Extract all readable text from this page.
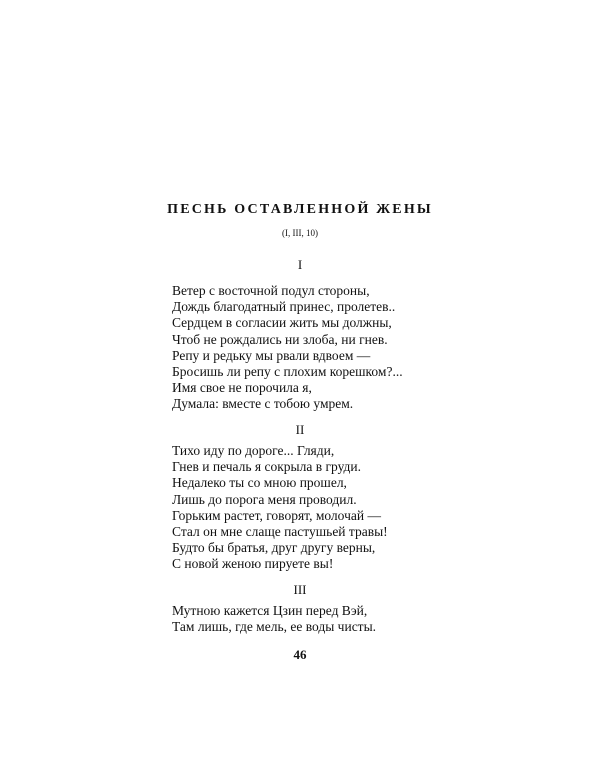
ПЕСНЬ ОСТАВЛЕННОЙ ЖЕНЫ
(I, III, 10)
I
Ветер с восточной подул стороны,
Дождь благодатный принес, пролетев..
Сердцем в согласии жить мы должны,
Чтоб не рождались ни злоба, ни гнев.
Репу и редьку мы рвали вдвоем —
Бросишь ли репу с плохим корешком?...
Имя свое не порочила я,
Думала: вместе с тобою умрем.
II
Тихо иду по дороге... Гляди,
Гнев и печаль я сокрыла в груди.
Недалеко ты со мною прошел,
Лишь до порога меня проводил.
Горьким растет, говорят, молочай —
Стал он мне слаще пастушьей травы!
Будто бы братья, друг другу верны,
С новой женою пируете вы!
III
Мутною кажется Цзин перед Вэй,
Там лишь, где мель, ее воды чисты.
46
